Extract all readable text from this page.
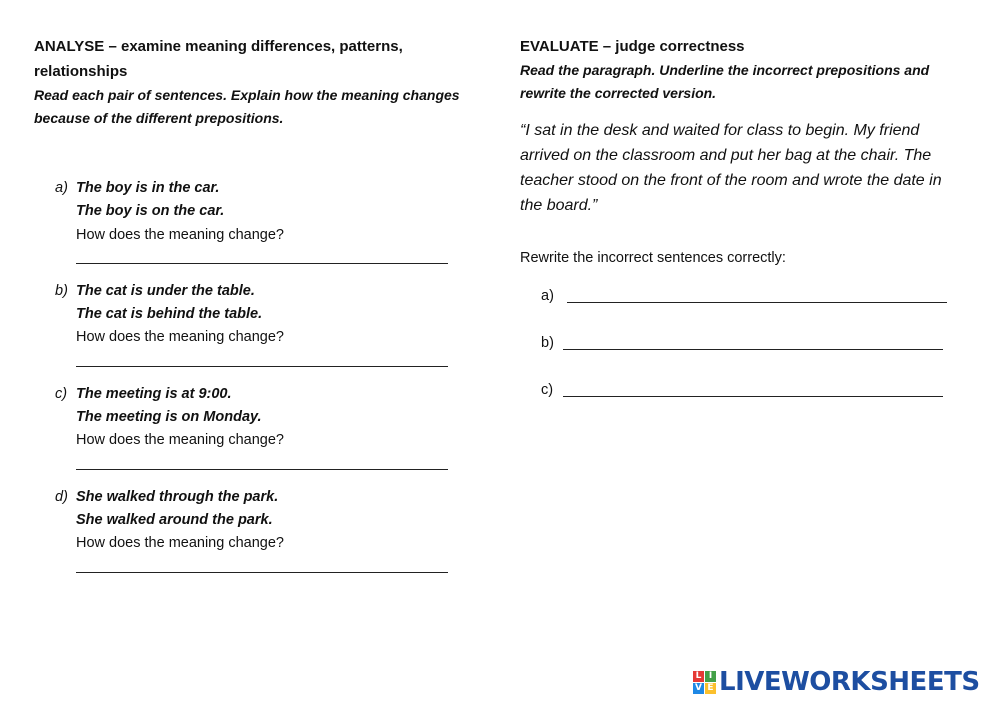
ANALYSE – examine meaning differences, patterns, relationships
Read each pair of sentences. Explain how the meaning changes because of the different prepositions.
a) The boy is in the car.
The boy is on the car.
How does the meaning change?
b) The cat is under the table.
The cat is behind the table.
How does the meaning change?
c) The meeting is at 9:00.
The meeting is on Monday.
How does the meaning change?
d) She walked through the park.
She walked around the park.
How does the meaning change?
EVALUATE – judge correctness
Read the paragraph. Underline the incorrect prepositions and rewrite the corrected version.
“I sat in the desk and waited for class to begin. My friend arrived on the classroom and put her bag at the chair. The teacher stood on the front of the room and wrote the date in the board.”
Rewrite the incorrect sentences correctly:
a)
b)
c)
L I
V E LIVEWORKSHEETS
